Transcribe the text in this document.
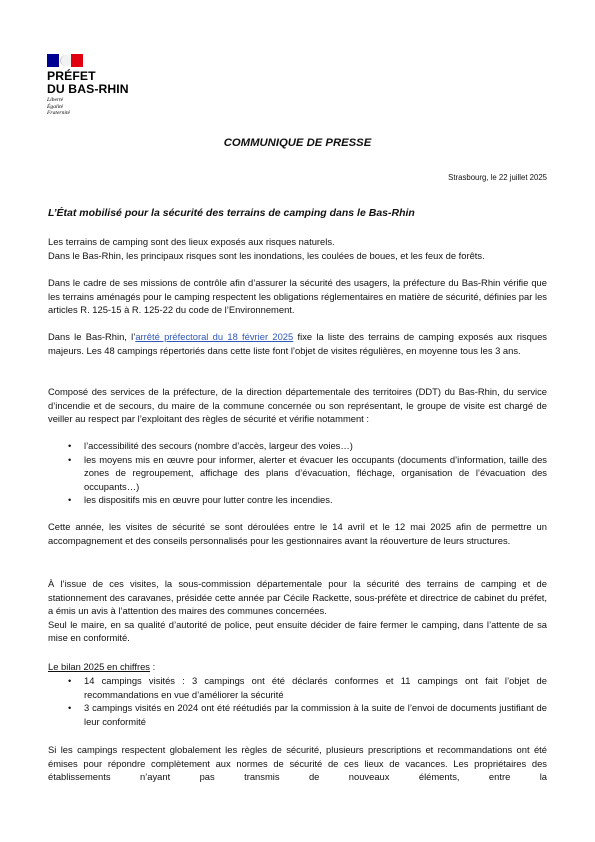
PRÉFET
DU BAS-RHIN
Liberté
Égalité
Fraternité
COMMUNIQUE DE PRESSE
Strasbourg, le 22 juillet 2025
L’État mobilisé pour la sécurité des terrains de camping dans le Bas-Rhin
Les terrains de camping sont des lieux exposés aux risques naturels.
Dans le Bas-Rhin, les principaux risques sont les inondations, les coulées de boues, et les feux de forêts.

Dans le cadre de ses missions de contrôle afin d’assurer la sécurité des usagers, la préfecture du Bas-Rhin vérifie que les terrains aménagés pour le camping respectent les obligations réglementaires en matière de sécurité, définies par les articles R. 125-15 à R. 125-22 du code de l’Environnement.

Dans le Bas-Rhin, l’arrêté préfectoral du 18 février 2025 fixe la liste des terrains de camping exposés aux risques majeurs. Les 48 campings répertoriés dans cette liste font l’objet de visites régulières, en moyenne tous les 3 ans.

Composé des services de la préfecture, de la direction départementale des territoires (DDT) du Bas-Rhin, du service d’incendie et de secours, du maire de la commune concernée ou son représentant, le groupe de visite est chargé de veiller au respect par l’exploitant des règles de sécurité et vérifie notamment :

• l’accessibilité des secours (nombre d’accès, largeur des voies…)
• les moyens mis en œuvre pour informer, alerter et évacuer les occupants (documents d’information, taille des zones de regroupement, affichage des plans d’évacuation, fléchage, organisation de l’évacuation des occupants…)
• les dispositifs mis en œuvre pour lutter contre les incendies.

Cette année, les visites de sécurité se sont déroulées entre le 14 avril et le 12 mai 2025 afin de permettre un accompagnement et des conseils personnalisés pour les gestionnaires avant la réouverture de leurs structures.

À l’issue de ces visites, la sous-commission départementale pour la sécurité des terrains de camping et de stationnement des caravanes, présidée cette année par Cécile Rackette, sous-préfète et directrice de cabinet du préfet, a émis un avis à l’attention des maires des communes concernées.
Seul le maire, en sa qualité d’autorité de police, peut ensuite décider de faire fermer le camping, dans l’attente de sa mise en conformité.
Le bilan 2025 en chiffres :
• 14 campings visités : 3 campings ont été déclarés conformes et 11 campings ont fait l’objet de recommandations en vue d’améliorer la sécurité
• 3 campings visités en 2024 ont été réétudiés par la commission à la suite de l’envoi de documents justifiant de leur conformité

Si les campings respectent globalement les règles de sécurité, plusieurs prescriptions et recommandations ont été émises pour répondre complètement aux normes de sécurité de ces lieux de vacances. Les propriétaires des établissements n’ayant pas transmis de nouveaux éléments, entre la
